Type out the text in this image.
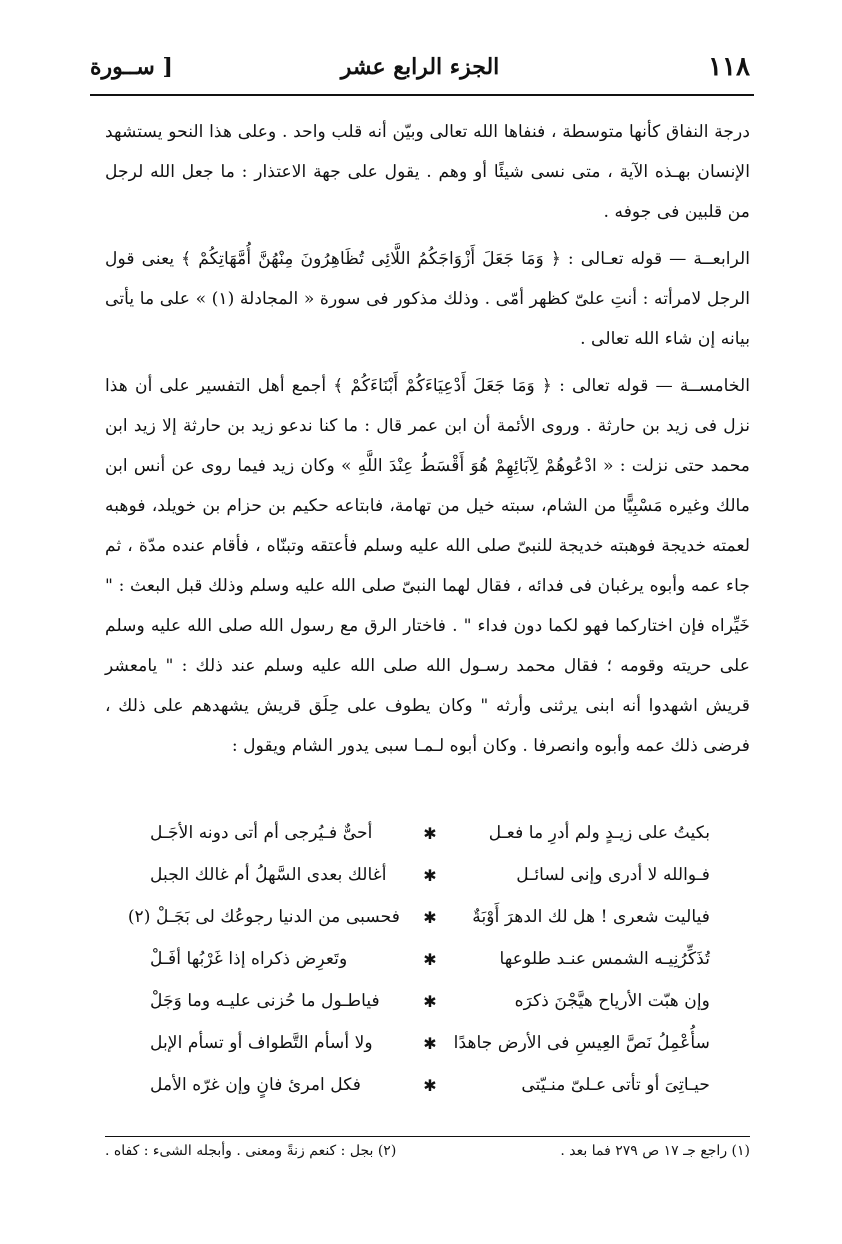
١١٨
الجزء الرابع عشر
[ ســورة

درجة النفاق كأنها متوسطة ، فنفاها الله تعالى وبيّن أنه قلب واحد . وعلى هذا النحو يستشهد الإنسان بهـذه الآية ، متى نسى شيئًا أو وهم . يقول على جهة الاعتذار : ما جعل الله لرجل من قلبين فى جوفه .

الرابعــة — قوله تعـالى : ﴿ وَمَا جَعَلَ أَزْوَاجَكُمُ اللَّائِى تُظَاهِرُونَ مِنْهُنَّ أُمَّهَاتِكُمْ ﴾ يعنى قول الرجل لامرأته : أنتِ علىّ كظهر أمّى . وذلك مذكور فى سورة « المجادلة (١) » على ما يأتى بيانه إن شاء الله تعالى .

الخامســة — قوله تعالى : ﴿ وَمَا جَعَلَ أَدْعِيَاءَكُمْ أَبْنَاءَكُمْ ﴾ أجمع أهل التفسير على أن هذا نزل فى زيد بن حارثة . وروى الأئمة أن ابن عمر قال : ما كنا ندعو زيد بن حارثة إلا زيد ابن محمد حتى نزلت : « ادْعُوهُمْ لِآبَائِهِمْ هُوَ أَقْسَطُ عِنْدَ اللَّهِ » وكان زيد فيما روى عن أنس ابن مالك وغيره مَسْبِيًّا من الشام، سبته خيل من تهامة، فابتاعه حكيم بن حزام بن خويلد، فوهبه لعمته خديجة فوهبته خديجة للنبىّ صلى الله عليه وسلم فأعتقه وتبنّاه ، فأقام عنده مدّة ، ثم جاء عمه وأبوه يرغبان فى فدائه ، فقال لهما النبىّ صلى الله عليه وسلم وذلك قبل البعث : " خَيِّراه فإن اختاركما فهو لكما دون فداء " . فاختار الرق مع رسول الله صلى الله عليه وسلم على حريته وقومه ؛ فقال محمد رسـول الله صلى الله عليه وسلم عند ذلك : " يامعشر قريش اشهدوا أنه ابنى يرثنى وأرثه " وكان يطوف على حِلَق قريش يشهدهم على ذلك ، فرضى ذلك عمه وأبوه وانصرفا . وكان أبوه لـمـا سبى يدور الشام ويقول :

بكيتُ على زيـدٍ ولم أدرِ ما فعـل
✱
أحىٌّ فـيُرجى أم أتى دونه الأجَـل
فـوالله لا أدرى وإنى لسائـل
✱
أغالك بعدى السَّهلُ أم غالك الجبل
فياليت شعرى ! هل لك الدهرَ أَوْبَةٌ
✱
فحسبى من الدنيا رجوعُك لى بَجَـلْ (٢)
تُذَكِّرُنِيـه الشمس عنـد طلوعها
✱
وتَعرِض ذكراه إذا غَرْبُها أفَـلْ
وإن هبّت الأرياح هيَّجْنَ ذكرَه
✱
فياطـول ما حُزنى عليـه وما وَجَلْ
سأُعْمِلُ نَصَّ العِيسِ فى الأرض جاهدًا
✱
ولا أسأم التَّطواف أو تسأم الإبل
حيـاتِىَ أو تأتى عـلىّ منـيّتى
✱
فكل امرئ فانٍ وإن غرّه الأمل
(١) راجع جـ ١٧ ص ٢٧٩ فما بعد .
(٢) بجل : كنعم زنةً ومعنى . وأبجله الشىء : كفاه .
